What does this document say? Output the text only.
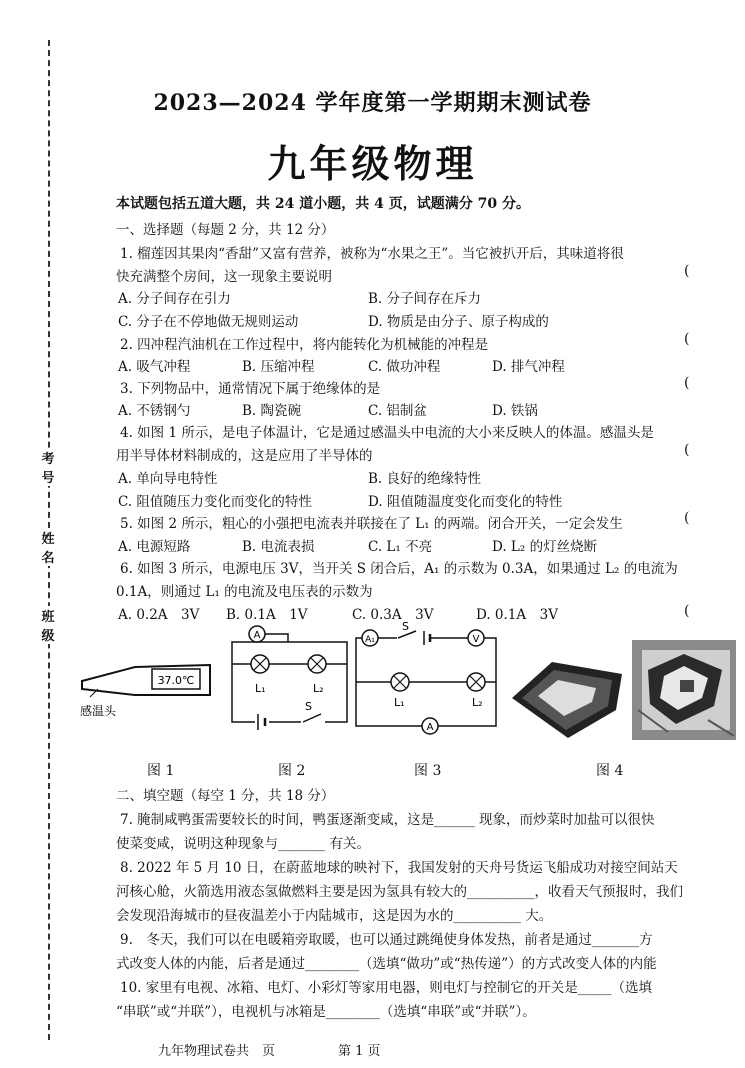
考号
姓名
班级
2023—2024 学年度第一学期期末测试卷
九年级物理
本试题包括五道大题，共 24 道小题，共 4 页，试题满分 70 分。
一、选择题（每题 2 分，共 12 分）
1. 榴莲因其果肉“香甜”又富有营养，被称为“水果之王”。当它被扒开后，其味道将很
快充满整个房间，这一现象主要说明	(
A. 分子间存在引力	B. 分子间存在斥力
C. 分子在不停地做无规则运动	D. 物质是由分子、原子构成的
2. 四冲程汽油机在工作过程中，将内能转化为机械能的冲程是	(
A. 吸气冲程	B. 压缩冲程	C. 做功冲程	D. 排气冲程
3. 下列物品中，通常情况下属于绝缘体的是	(
A. 不锈钢勺	B. 陶瓷碗	C. 铝制盆	D. 铁锅
4. 如图 1 所示，是电子体温计，它是通过感温头中电流的大小来反映人的体温。感温头是
用半导体材料制成的，这是应用了半导体的	(
A. 单向导电特性	B. 良好的绝缘特性
C. 阻值随压力变化而变化的特性	D. 阻值随温度变化而变化的特性
5. 如图 2 所示，粗心的小强把电流表并联接在了 L₁ 的两端。闭合开关，一定会发生	(
A. 电源短路	B. 电流表损	C. L₁ 不亮	D. L₂ 的灯丝烧断
6. 如图 3 所示，电源电压 3V，当开关 S 闭合后，A₁ 的示数为 0.3A，如果通过 L₂ 的电流为
0.1A，则通过 L₁ 的电流及电压表的示数为
A. 0.2A　3V B. 0.1A　1V	C. 0.3A　3V	D. 0.1A　3V	(
37.0℃
感温头
A
L₁	L₂
S
S
A₁	V
L₁	L₂
A
图 1	图 2	图 3	图 4
二、填空题（每空 1 分，共 18 分）
7. 腌制咸鸭蛋需要较长的时间，鸭蛋逐渐变咸，这是______ 现象，而炒菜时加盐可以很快
使菜变咸，说明这种现象与_______ 有关。
8. 2022 年 5 月 10 日，在蔚蓝地球的映衬下，我国发射的天舟号货运飞船成功对接空间站天
河核心舱，火箭选用液态氢做燃料主要是因为氢具有较大的__________，收看天气预报时，我们
会发现沿海城市的昼夜温差小于内陆城市，这是因为水的__________ 大。
9.　冬天，我们可以在电暖箱旁取暖，也可以通过跳绳使身体发热，前者是通过_______方
式改变人体的内能，后者是通过________（选填“做功”或“热传递”）的方式改变人体的内能
10. 家里有电视、冰箱、电灯、小彩灯等家用电器，则电灯与控制它的开关是_____（选填
“串联”或“并联”），电视机与冰箱是________（选填“串联”或“并联”）。
九年物理试卷共　页	第 1 页
